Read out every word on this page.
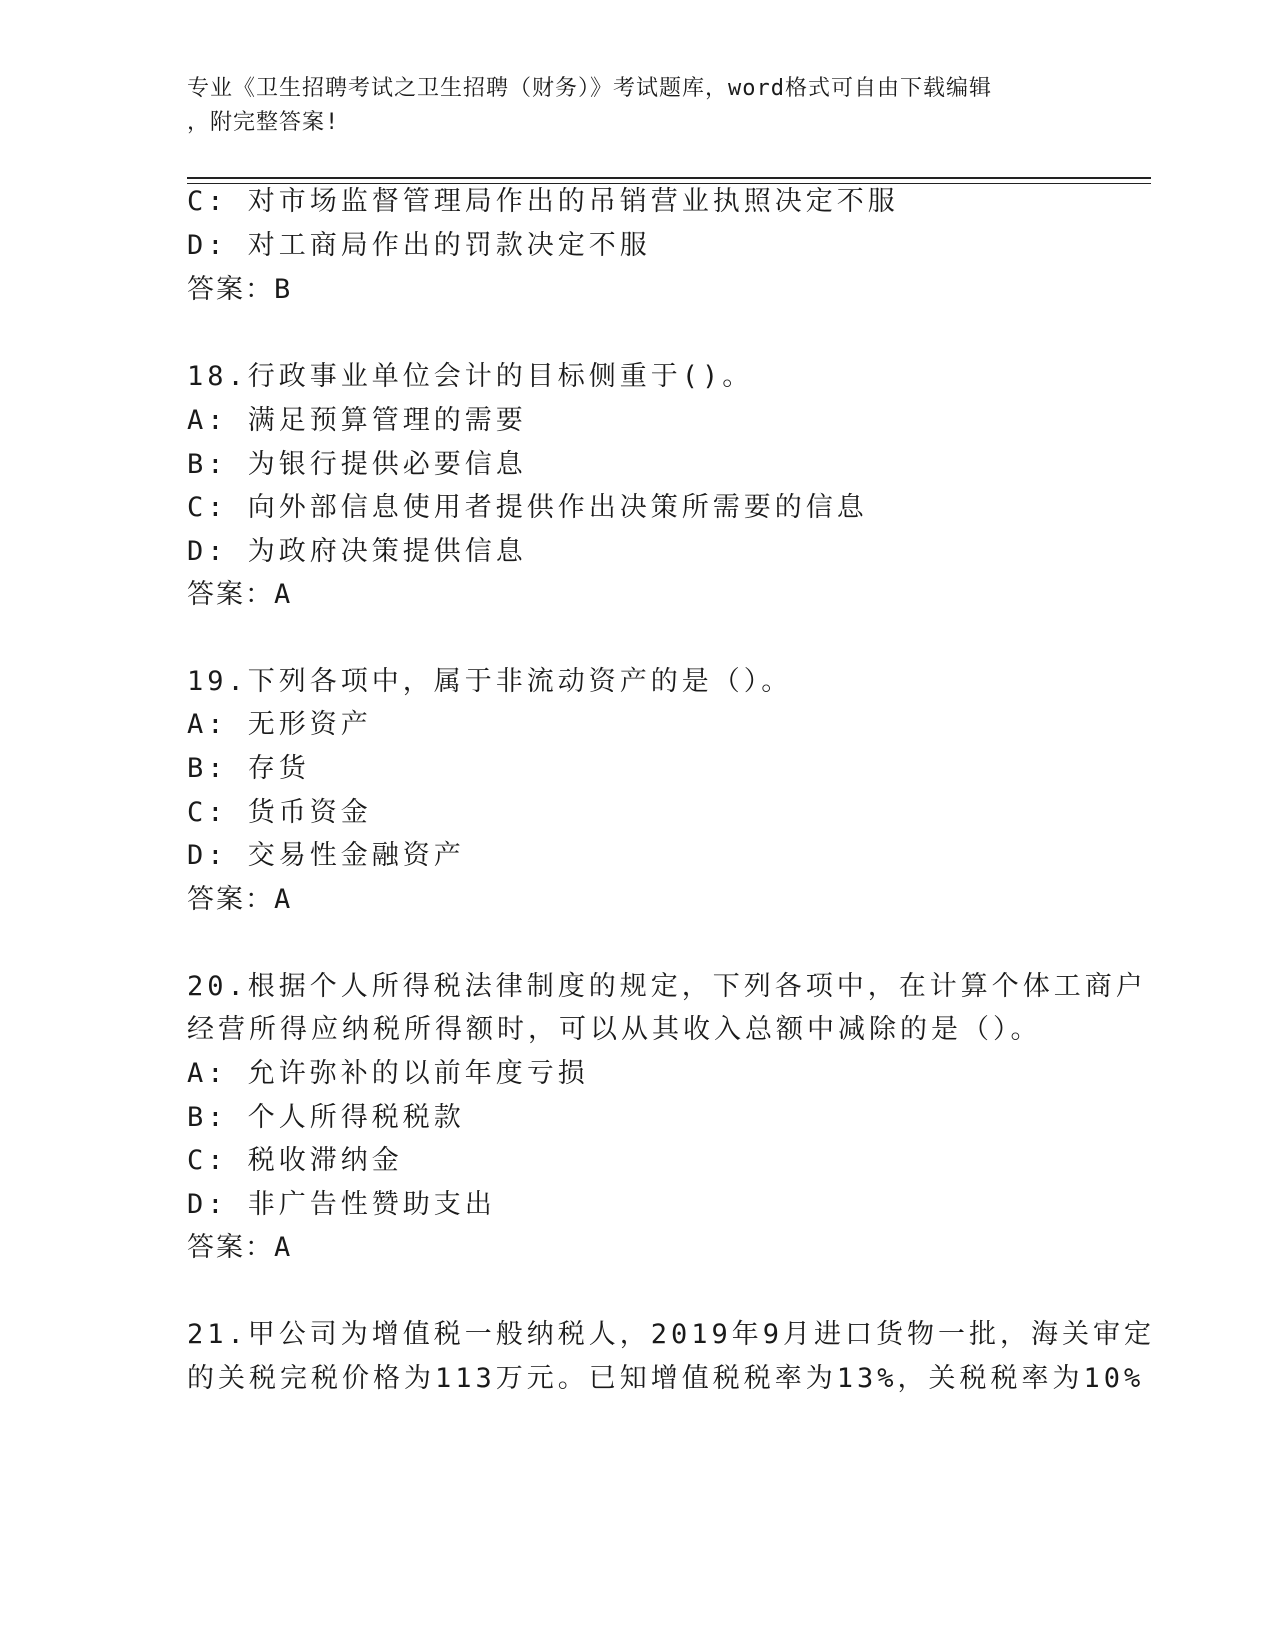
专业《卫生招聘考试之卫生招聘（财务）》考试题库，word格式可自由下载编辑
，附完整答案!
C: 对市场监督管理局作出的吊销营业执照决定不服
D: 对工商局作出的罚款决定不服
答案：B
18.行政事业单位会计的目标侧重于()。
A: 满足预算管理的需要
B: 为银行提供必要信息
C: 向外部信息使用者提供作出决策所需要的信息
D: 为政府决策提供信息
答案：A
19.下列各项中，属于非流动资产的是（）。
A: 无形资产
B: 存货
C: 货币资金
D: 交易性金融资产
答案：A
20.根据个人所得税法律制度的规定，下列各项中，在计算个体工商户
经营所得应纳税所得额时，可以从其收入总额中减除的是（）。
A: 允许弥补的以前年度亏损
B: 个人所得税税款
C: 税收滞纳金
D: 非广告性赞助支出
答案：A
21.甲公司为增值税一般纳税人，2019年9月进口货物一批，海关审定
的关税完税价格为113万元。已知增值税税率为13%，关税税率为10%
